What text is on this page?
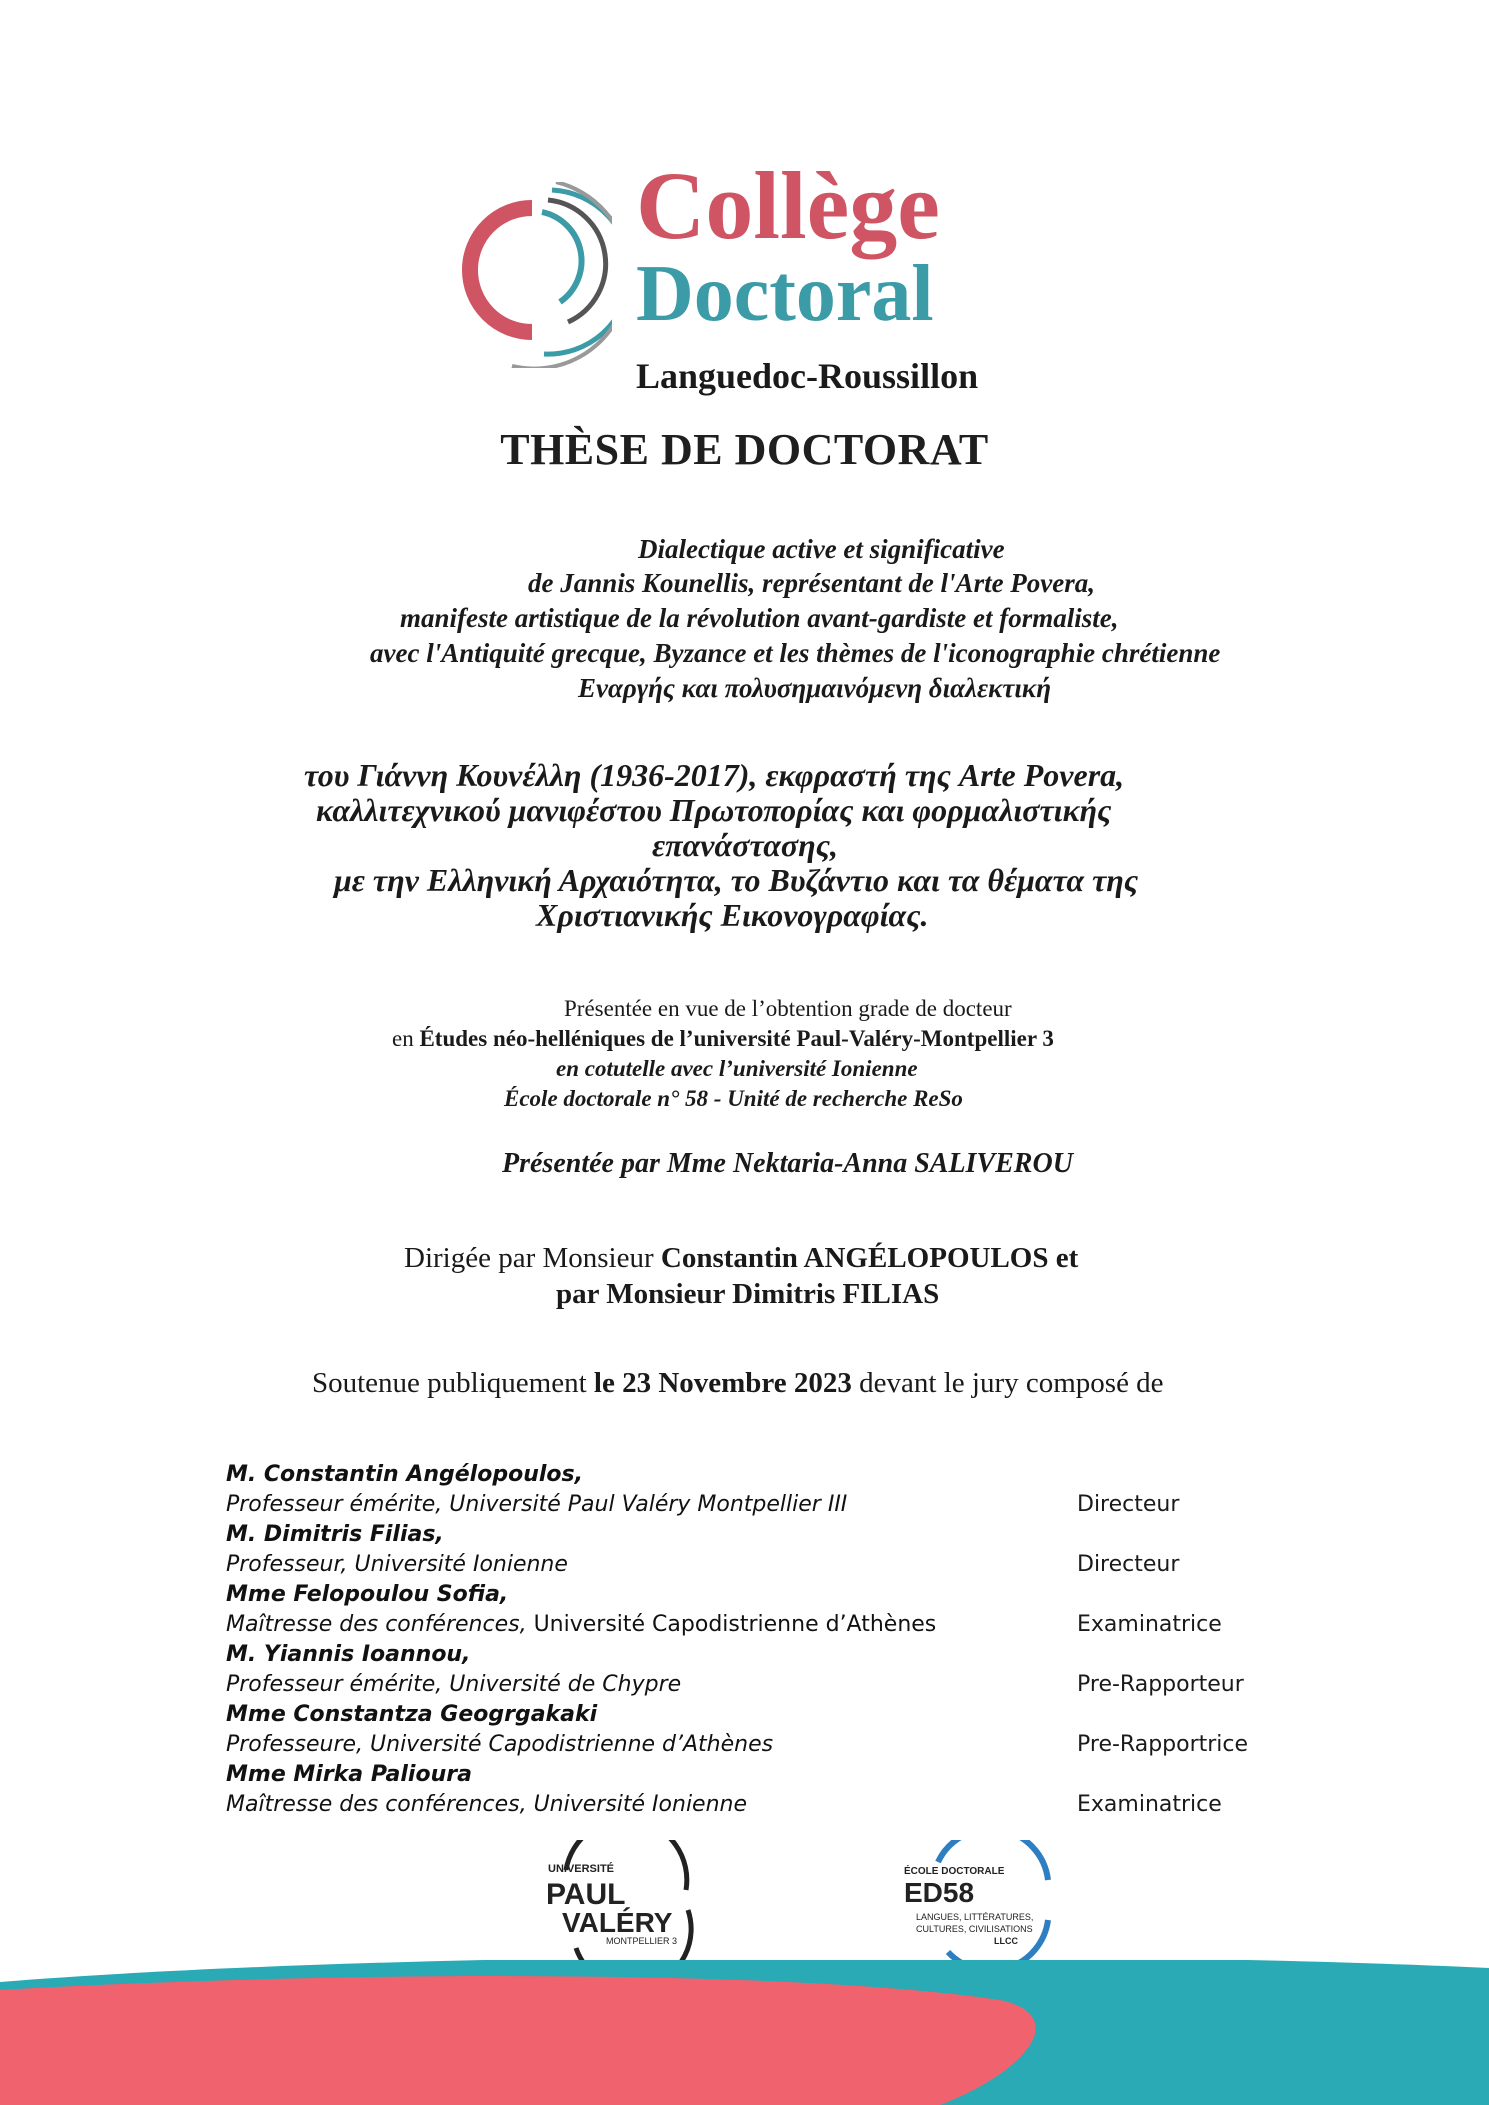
Collège
Doctoral
Languedoc-Roussillon
THÈSE DE DOCTORAT
Dialectique active et significative
de Jannis Kounellis, représentant de l'Arte Povera,
manifeste artistique de la révolution avant-gardiste et formaliste,
avec l'Antiquité grecque, Byzance et les thèmes de l'iconographie chrétienne
Εναργής και πολυσημαινόμενη διαλεκτική
του Γιάννη Κουνέλλη (1936-2017), εκφραστή της Arte Povera,
καλλιτεχνικού μανιφέστου Πρωτοπορίας και φορμαλιστικής
επανάστασης,
με την Ελληνική Αρχαιότητα, το Βυζάντιο και τα θέματα της
Χριστιανικής Εικονογραφίας.
Présentée en vue de l’obtention grade de docteur
en Études néo-helléniques de l’université Paul-Valéry-Montpellier 3
en cotutelle avec l’université Ionienne
École doctorale n° 58 - Unité de recherche ReSo
Présentée par Mme Nektaria-Anna SALIVEROU
Dirigée par Monsieur Constantin ANGÉLOPOULOS et
par Monsieur Dimitris FILIAS
Soutenue publiquement le 23 Novembre 2023 devant le jury composé de
M. Constantin Angélopoulos,
Professeur émérite, Université Paul Valéry Montpellier III
M. Dimitris Filias,
Professeur, Université Ionienne
Mme Felopoulou Sofia,
Maîtresse des conférences, Université Capodistrienne d’Athènes
M. Yiannis Ioannou,
Professeur émérite, Université de Chypre
Mme Constantza Geogrgakaki
Professeure, Université Capodistrienne d’Athènes
Mme Mirka Palioura
Maîtresse des conférences, Université Ionienne
Directeur
Directeur
Examinatrice
Pre-Rapporteur
Pre-Rapportrice
Examinatrice
UNIVERSITÉ
PAUL
VALÉRY
MONTPELLIER 3
ÉCOLE DOCTORALE
ED58
LANGUES, LITTÉRATURES,
CULTURES, CIVILISATIONS
LLCC
